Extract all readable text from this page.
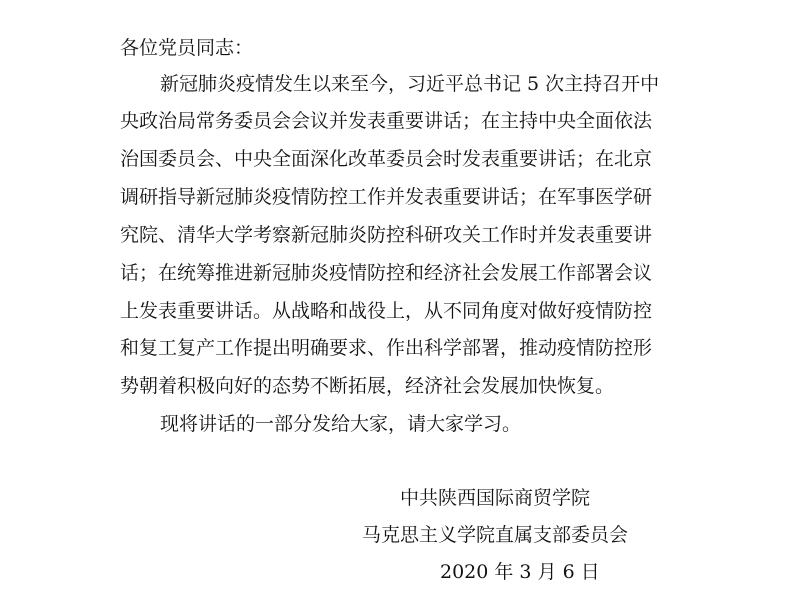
各位党员同志：
新冠肺炎疫情发生以来至今，习近平总书记 5 次主持召开中
央政治局常务委员会会议并发表重要讲话；在主持中央全面依法
治国委员会、中央全面深化改革委员会时发表重要讲话；在北京
调研指导新冠肺炎疫情防控工作并发表重要讲话；在军事医学研
究院、清华大学考察新冠肺炎防控科研攻关工作时并发表重要讲
话；在统筹推进新冠肺炎疫情防控和经济社会发展工作部署会议
上发表重要讲话。从战略和战役上，从不同角度对做好疫情防控
和复工复产工作提出明确要求、作出科学部署，推动疫情防控形
势朝着积极向好的态势不断拓展，经济社会发展加快恢复。
现将讲话的一部分发给大家，请大家学习。
中共陕西国际商贸学院
马克思主义学院直属支部委员会
2020 年 3 月 6 日
